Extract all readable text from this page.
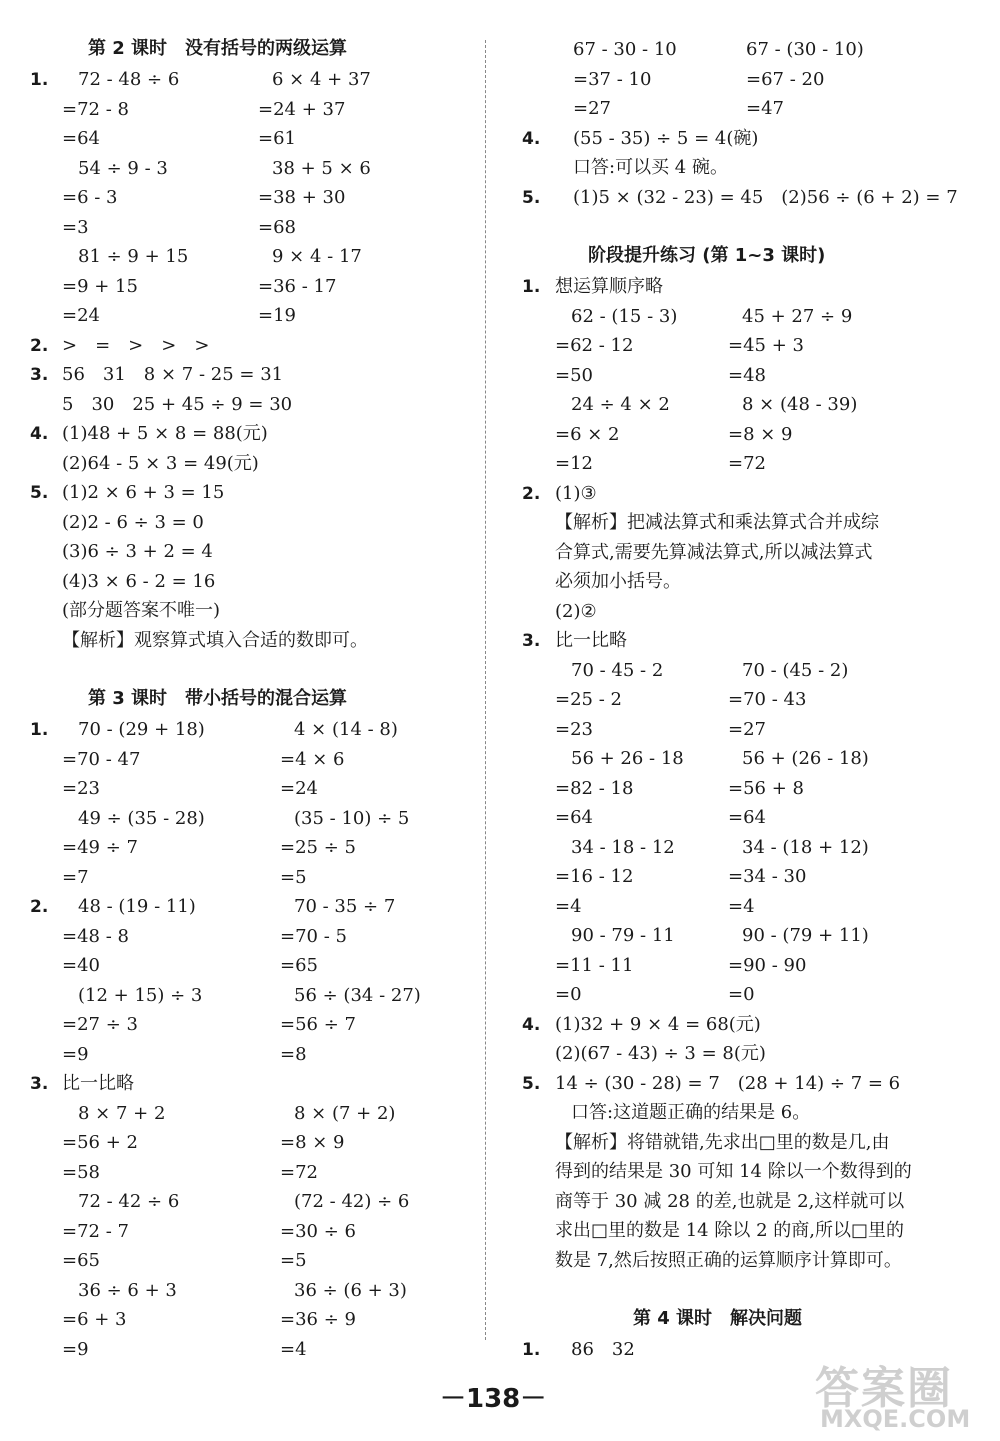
第 2 课时　没有括号的两级运算
1. 72 - 48 ÷ 6	6 × 4 + 37
=72 - 8	=24 + 37
=64	=61
54 ÷ 9 - 3	38 + 5 × 6
=6 - 3	=38 + 30
=3	=68
81 ÷ 9 + 15	9 × 4 - 17
=9 + 15	=36 - 17
=24	=19
2. >　=　>　>　>
3. 56　31　8 × 7 - 25 = 31
5　30　25 + 45 ÷ 9 = 30
4. (1)48 + 5 × 8 = 88(元)
(2)64 - 5 × 3 = 49(元)
5. (1)2 × 6 + 3 = 15
(2)2 - 6 ÷ 3 = 0
(3)6 ÷ 3 + 2 = 4
(4)3 × 6 - 2 = 16
(部分题答案不唯一)
【解析】观察算式填入合适的数即可。
第 3 课时　带小括号的混合运算
1. 70 - (29 + 18)	4 × (14 - 8)
=70 - 47	=4 × 6
=23	=24
49 ÷ (35 - 28)	(35 - 10) ÷ 5
=49 ÷ 7	=25 ÷ 5
=7	=5
2. 48 - (19 - 11)	70 - 35 ÷ 7
=48 - 8	=70 - 5
=40	=65
(12 + 15) ÷ 3	56 ÷ (34 - 27)
=27 ÷ 3	=56 ÷ 7
=9	=8
3. 比一比略
8 × 7 + 2	8 × (7 + 2)
=56 + 2	=8 × 9
=58	=72
72 - 42 ÷ 6	(72 - 42) ÷ 6
=72 - 7	=30 ÷ 6
=65	=5
36 ÷ 6 + 3	36 ÷ (6 + 3)
=6 + 3	=36 ÷ 9
=9	=4
67 - 30 - 10	67 - (30 - 10)
=37 - 10	=67 - 20
=27	=47
4. (55 - 35) ÷ 5 = 4(碗)
口答:可以买 4 碗。
5. (1)5 × (32 - 23) = 45　(2)56 ÷ (6 + 2) = 7
阶段提升练习 (第 1~3 课时)
1. 想运算顺序略
62 - (15 - 3)	45 + 27 ÷ 9
=62 - 12	=45 + 3
=50	=48
24 ÷ 4 × 2	8 × (48 - 39)
=6 × 2	=8 × 9
=12	=72
2. (1)③
【解析】把减法算式和乘法算式合并成综
合算式,需要先算减法算式,所以减法算式
必须加小括号。
(2)②
3. 比一比略
70 - 45 - 2	70 - (45 - 2)
=25 - 2	=70 - 43
=23	=27
56 + 26 - 18	56 + (26 - 18)
=82 - 18	=56 + 8
=64	=64
34 - 18 - 12	34 - (18 + 12)
=16 - 12	=34 - 30
=4	=4
90 - 79 - 11	90 - (79 + 11)
=11 - 11	=90 - 90
=0	=0
4. (1)32 + 9 × 4 = 68(元)
(2)(67 - 43) ÷ 3 = 8(元)
5. 14 ÷ (30 - 28) = 7　(28 + 14) ÷ 7 = 6
口答:这道题正确的结果是 6。
【解析】将错就错,先求出□里的数是几,由
得到的结果是 30 可知 14 除以一个数得到的
商等于 30 减 28 的差,也就是 2,这样就可以
求出□里的数是 14 除以 2 的商,所以□里的
数是 7,然后按照正确的运算顺序计算即可。
第 4 课时　解决问题
1. 86　32
－138－	答案圈
MXQE.COM
